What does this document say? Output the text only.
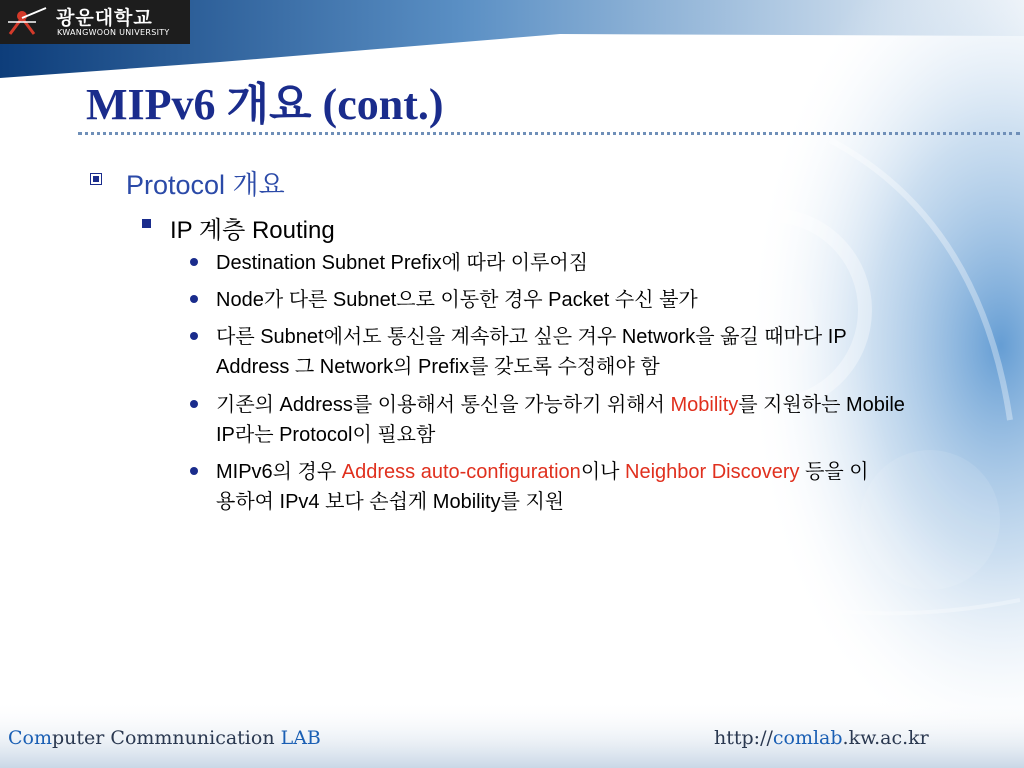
광운대학교
KWANGWOON UNIVERSITY
MIPv6 개요 (cont.)
Protocol 개요
IP 계층 Routing
Destination Subnet Prefix에 따라 이루어짐
Node가 다른 Subnet으로 이동한 경우 Packet 수신 불가
다른 Subnet에서도 통신을 계속하고 싶은 겨우 Network을 옮길 때마다 IP Address 그 Network의 Prefix를 갖도록 수정해야 함
기존의 Address를 이용해서 통신을 가능하기 위해서 Mobility를 지원하는 Mobile IP라는 Protocol이 필요함
MIPv6의 경우 Address auto-configuration이나 Neighbor Discovery 등을 이용하여 IPv4 보다 손쉽게 Mobility를 지원
Computer Commnunication LAB	http://comlab.kw.ac.kr
